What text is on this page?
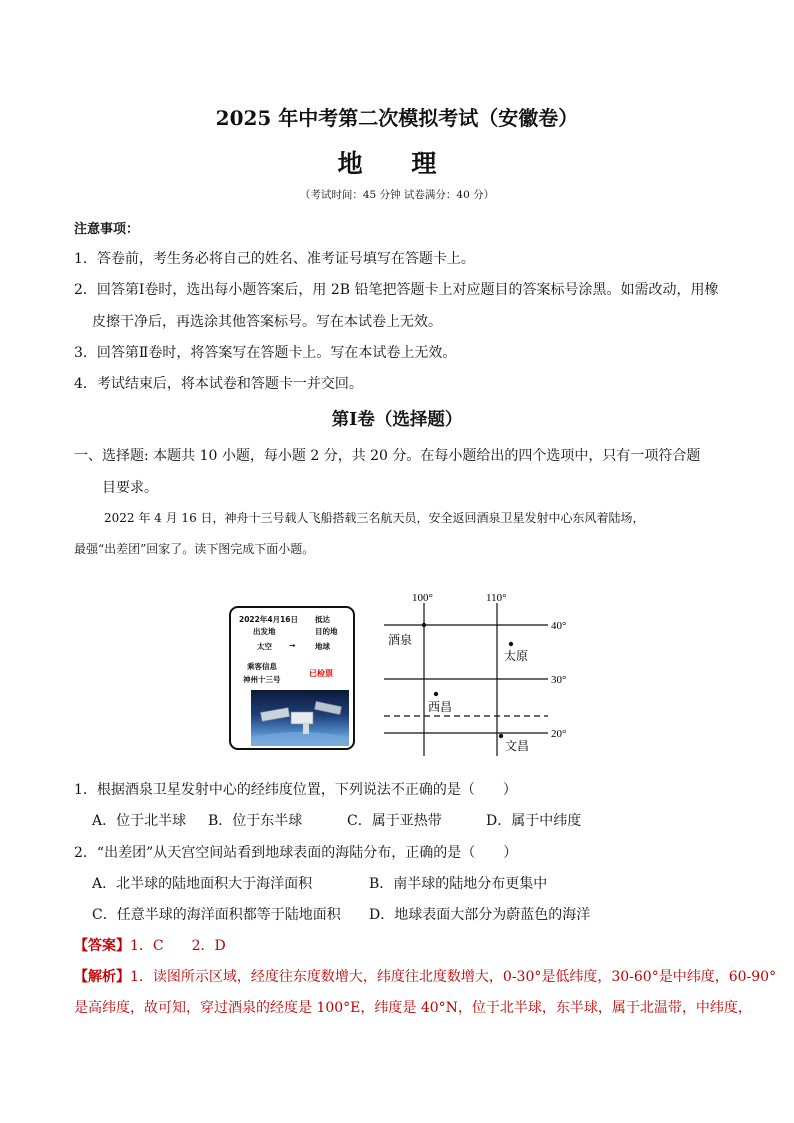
2025 年中考第二次模拟考试（安徽卷）
地 理
（考试时间：45 分钟 试卷满分：40 分）
注意事项：
1．答卷前，考生务必将自己的姓名、准考证号填写在答题卡上。
2．回答第Ⅰ卷时，选出每小题答案后，用 2B 铅笔把答题卡上对应题目的答案标号涂黑。如需改动，用橡
皮擦干净后，再选涂其他答案标号。写在本试卷上无效。
3．回答第Ⅱ卷时，将答案写在答题卡上。写在本试卷上无效。
4．考试结束后，将本试卷和答题卡一并交回。
第Ⅰ卷（选择题）
一、选择题: 本题共 10 小题，每小题 2 分，共 20 分。在每小题给出的四个选项中，只有一项符合题
目要求。
2022 年 4 月 16 日，神舟十三号载人飞船搭载三名航天员，安全返回酒泉卫星发射中心东风着陆场，
最强“出差团”回家了。读下图完成下面小题。
2022年4月16日 抵达
出发地	目的地
太空 →	地球
乘客信息
神州十三号
已检票
100°	110°
40°
30°
20°
酒泉
太原
西昌
文昌
1．根据酒泉卫星发射中心的经纬度位置，下列说法不正确的是（　　）
A．位于北半球 B．位于东半球	C．属于亚热带	D．属于中纬度
2．“出差团”从天宫空间站看到地球表面的海陆分布，正确的是（　　）
A．北半球的陆地面积大于海洋面积	B．南半球的陆地分布更集中
C．任意半球的海洋面积都等于陆地面积 D．地球表面大部分为蔚蓝色的海洋
【答案】1．C　　2．D
【解析】1．读图所示区域，经度往东度数增大，纬度往北度数增大，0-30°是低纬度，30-60°是中纬度，60-90°
是高纬度，故可知，穿过酒泉的经度是 100°E，纬度是 40°N，位于北半球，东半球，属于北温带，中纬度，
